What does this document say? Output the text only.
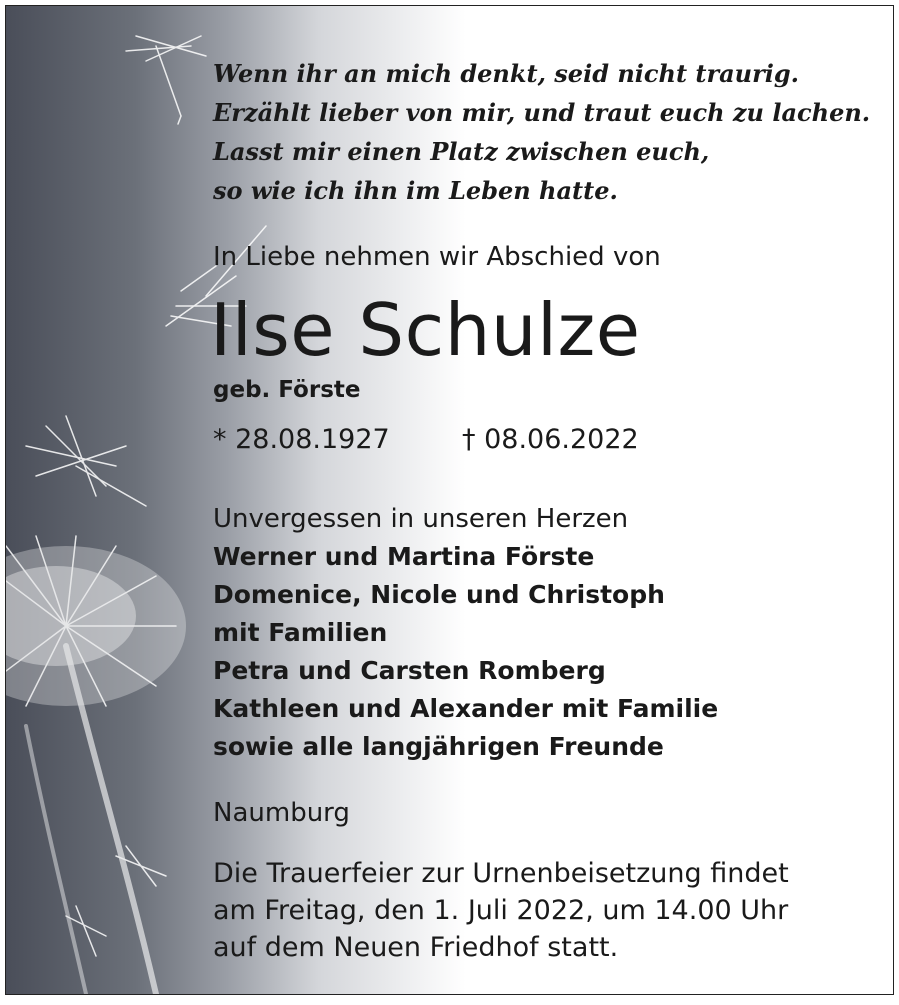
Wenn ihr an mich denkt, seid nicht traurig.

Erzählt lieber von mir, und traut euch zu lachen.

Lasst mir einen Platz zwischen euch,

so wie ich ihn im Leben hatte.

In Liebe nehmen wir Abschied von

Ilse Schulze

geb. Förste

* 28.08.1927	† 08.06.2022
Unvergessen in unseren Herzen
Werner und Martina Förste
Domenice, Nicole und Christoph
mit Familien
Petra und Carsten Romberg
Kathleen und Alexander mit Familie
sowie alle langjährigen Freunde

Naumburg

Die Trauerfeier zur Urnenbeisetzung findet
am Freitag, den 1. Juli 2022, um 14.00 Uhr
auf dem Neuen Friedhof statt.
